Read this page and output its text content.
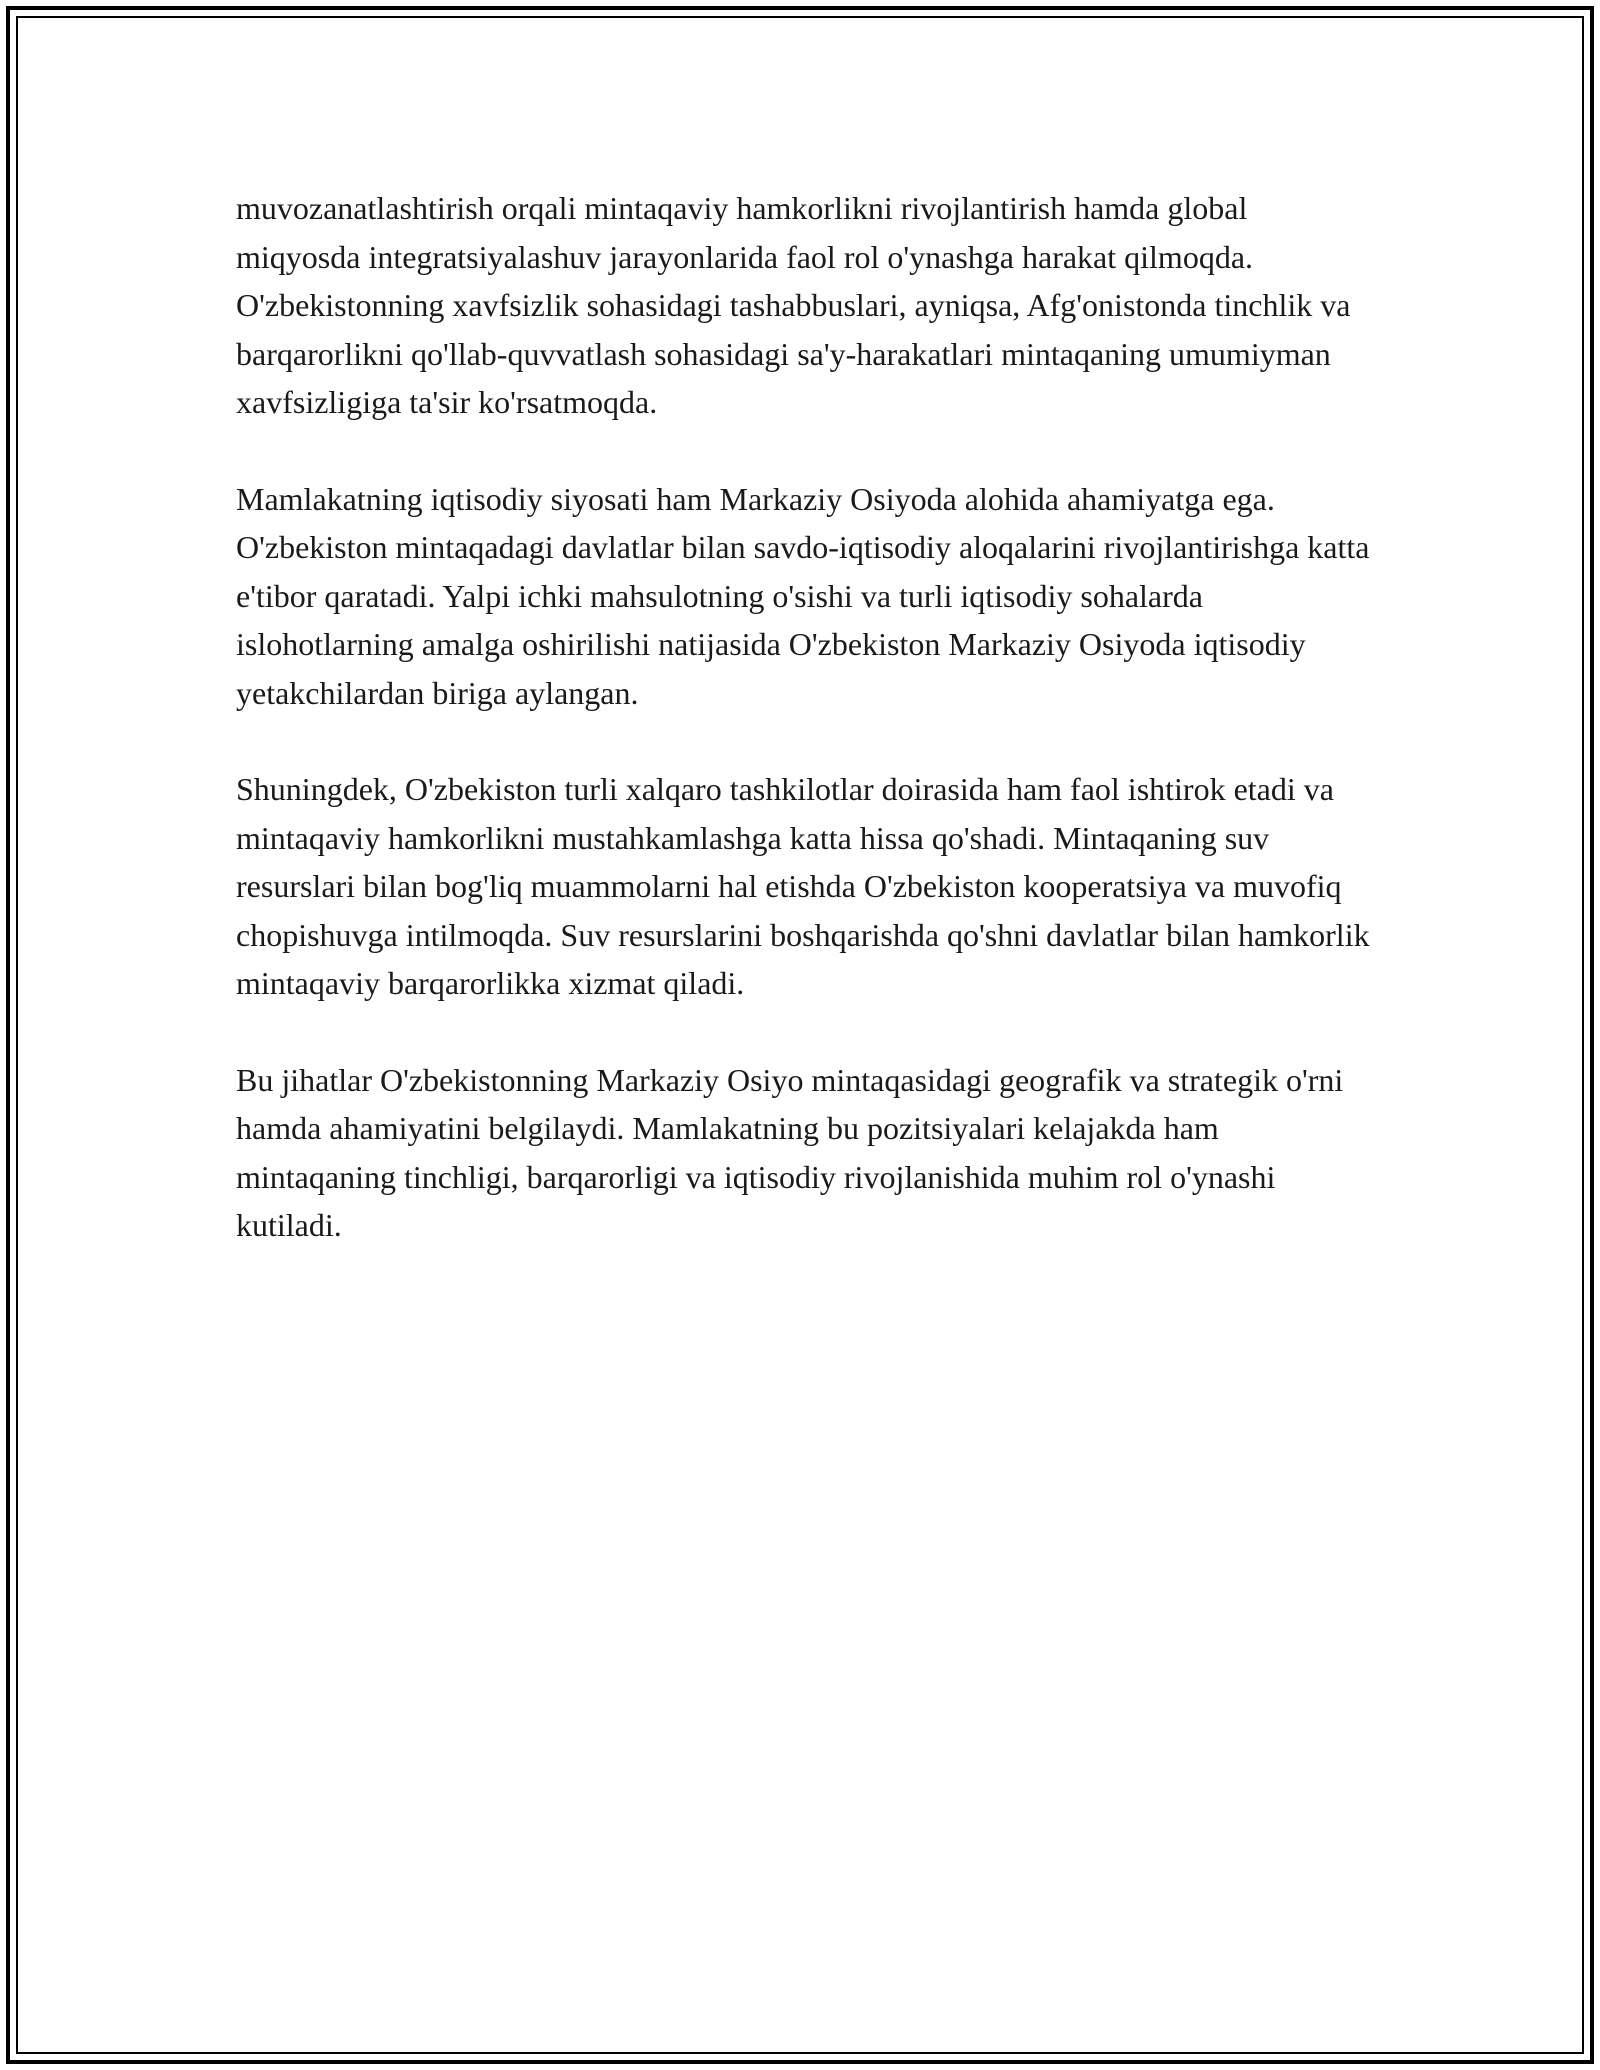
muvozanatlashtirish orqali mintaqaviy hamkorlikni rivojlantirish hamda global miqyosda integratsiyalashuv jarayonlarida faol rol o'ynashga harakat qilmoqda. O'zbekistonning xavfsizlik sohasidagi tashabbuslari, ayniqsa, Afg'onistonda tinchlik va barqarorlikni qo'llab-quvvatlash sohasidagi sa'y-harakatlari mintaqaning umumiyman xavfsizligiga ta'sir ko'rsatmoqda.

Mamlakatning iqtisodiy siyosati ham Markaziy Osiyoda alohida ahamiyatga ega. O'zbekiston mintaqadagi davlatlar bilan savdo-iqtisodiy aloqalarini rivojlantirishga katta e'tibor qaratadi. Yalpi ichki mahsulotning o'sishi va turli iqtisodiy sohalarda islohotlarning amalga oshirilishi natijasida O'zbekiston Markaziy Osiyoda iqtisodiy yetakchilardan biriga aylangan.

Shuningdek, O'zbekiston turli xalqaro tashkilotlar doirasida ham faol ishtirok etadi va mintaqaviy hamkorlikni mustahkamlashga katta hissa qo'shadi. Mintaqaning suv resurslari bilan bog'liq muammolarni hal etishda O'zbekiston kooperatsiya va muvofiq chopishuvga intilmoqda. Suv resurslarini boshqarishda qo'shni davlatlar bilan hamkorlik mintaqaviy barqarorlikka xizmat qiladi.

Bu jihatlar O'zbekistonning Markaziy Osiyo mintaqasidagi geografik va strategik o'rni hamda ahamiyatini belgilaydi. Mamlakatning bu pozitsiyalari kelajakda ham mintaqaning tinchligi, barqarorligi va iqtisodiy rivojlanishida muhim rol o'ynashi kutiladi.
